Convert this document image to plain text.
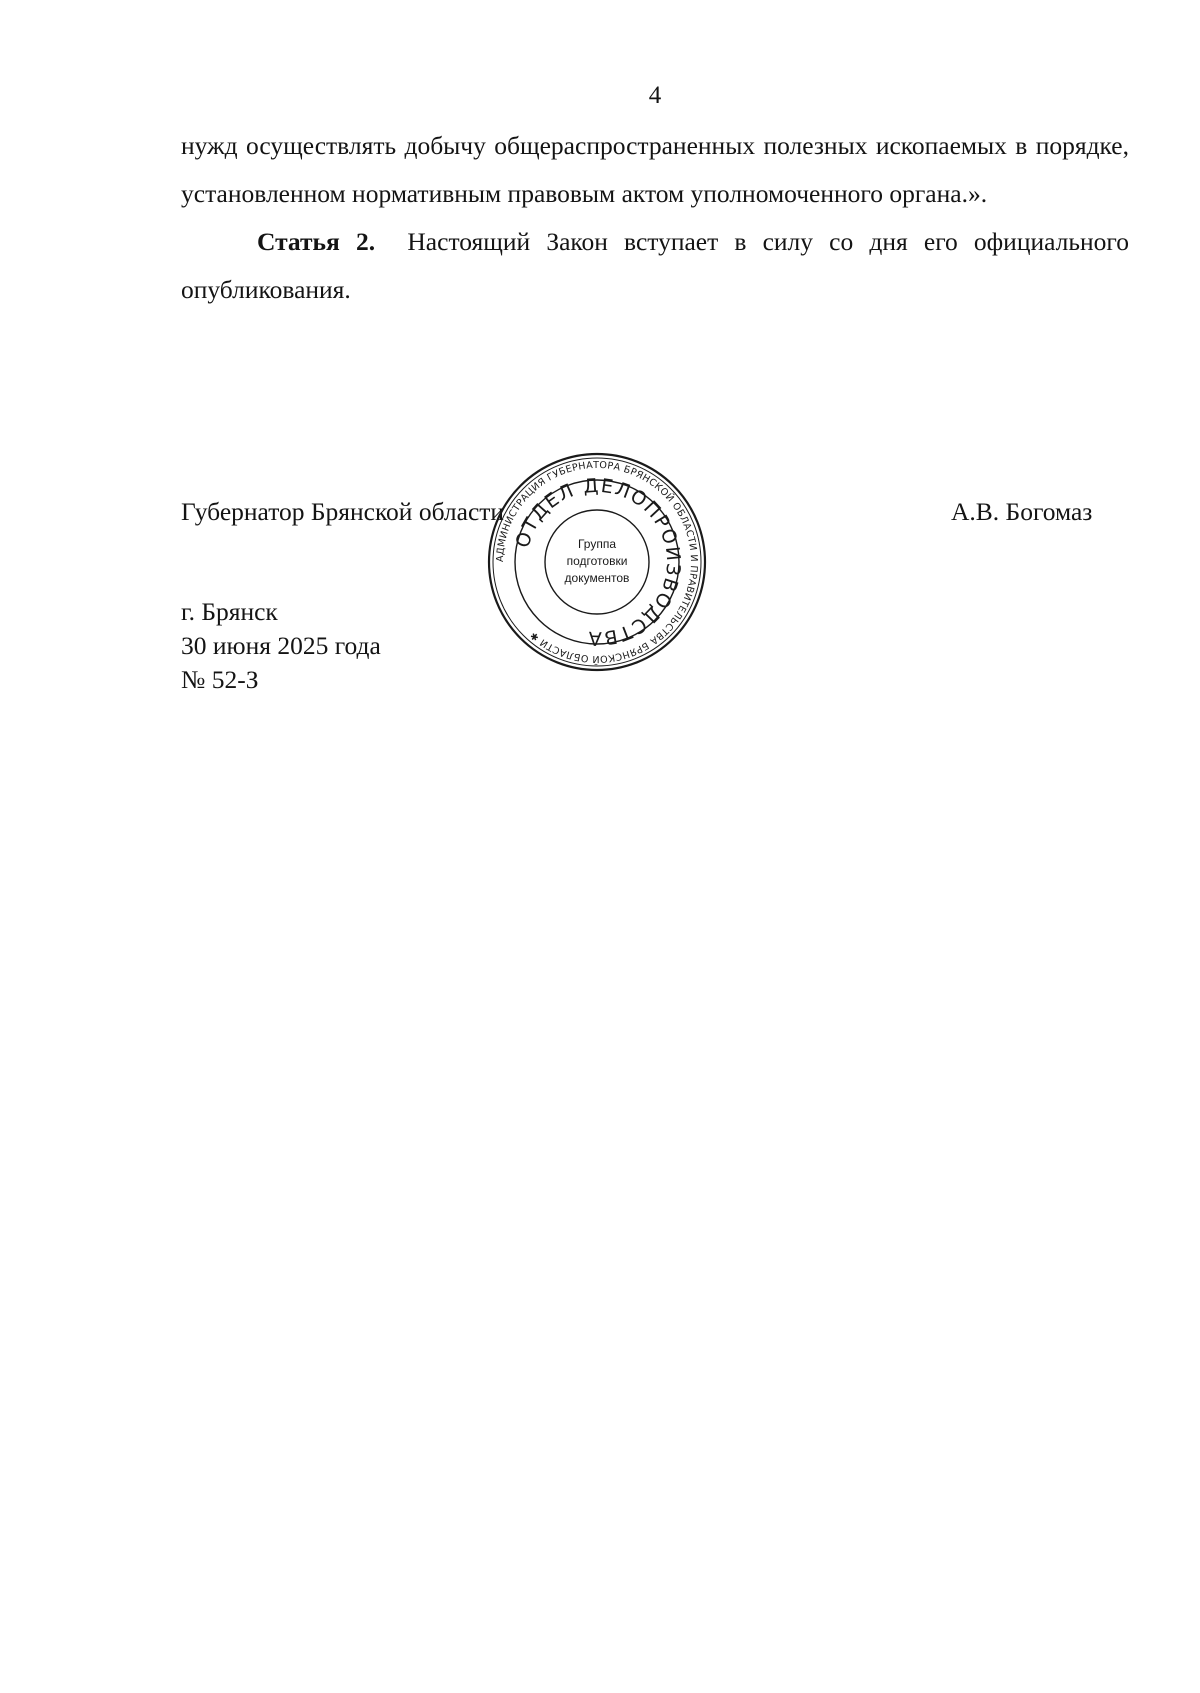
4

нужд осуществлять добычу общераспространенных полезных ископаемых в порядке, установленном нормативным правовым актом уполномоченного органа.».

Статья 2. Настоящий Закон вступает в силу со дня его официального опубликования.

Губернатор Брянской области	А.В. Богомаз
г. Брянск
30 июня 2025 года
№ 52-З
АДМИНИСТРАЦИЯ ГУБЕРНАТОРА БРЯНСКОЙ ОБЛАСТИ И ПРАВИТЕЛЬСТВА БРЯНСКОЙ ОБЛАСТИ ✱
ОТДЕЛ ДЕЛОПРОИЗВОДСТВА
Группа
подготовки
документов
